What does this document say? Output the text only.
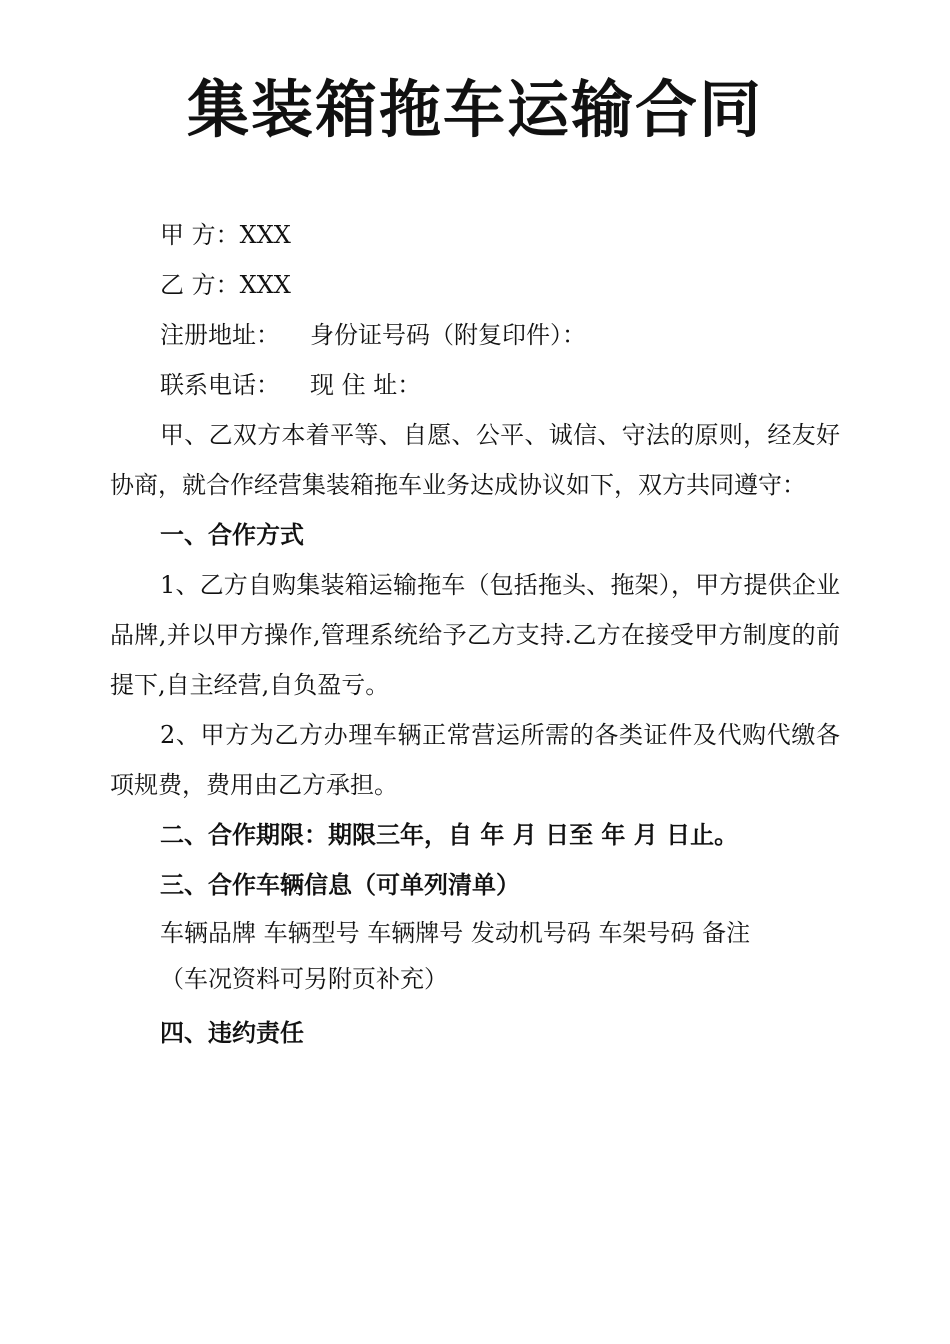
集装箱拖车运输合同
甲 方：XXX
乙 方：XXX
注册地址： 身份证号码（附复印件）：
联系电话： 现 住 址：
甲、乙双方本着平等、自愿、公平、诚信、守法的原则，经友好协商，就合作经营集装箱拖车业务达成协议如下，双方共同遵守：
一、合作方式
1、乙方自购集装箱运输拖车（包括拖头、拖架），甲方提供企业品牌,并以甲方操作,管理系统给予乙方支持.乙方在接受甲方制度的前提下,自主经营,自负盈亏。
2、甲方为乙方办理车辆正常营运所需的各类证件及代购代缴各项规费，费用由乙方承担。
二、合作期限：期限三年，自 年 月 日至 年 月 日止。
三、合作车辆信息（可单列清单）
车辆品牌 车辆型号 车辆牌号 发动机号码 车架号码 备注
（车况资料可另附页补充）
四、违约责任
